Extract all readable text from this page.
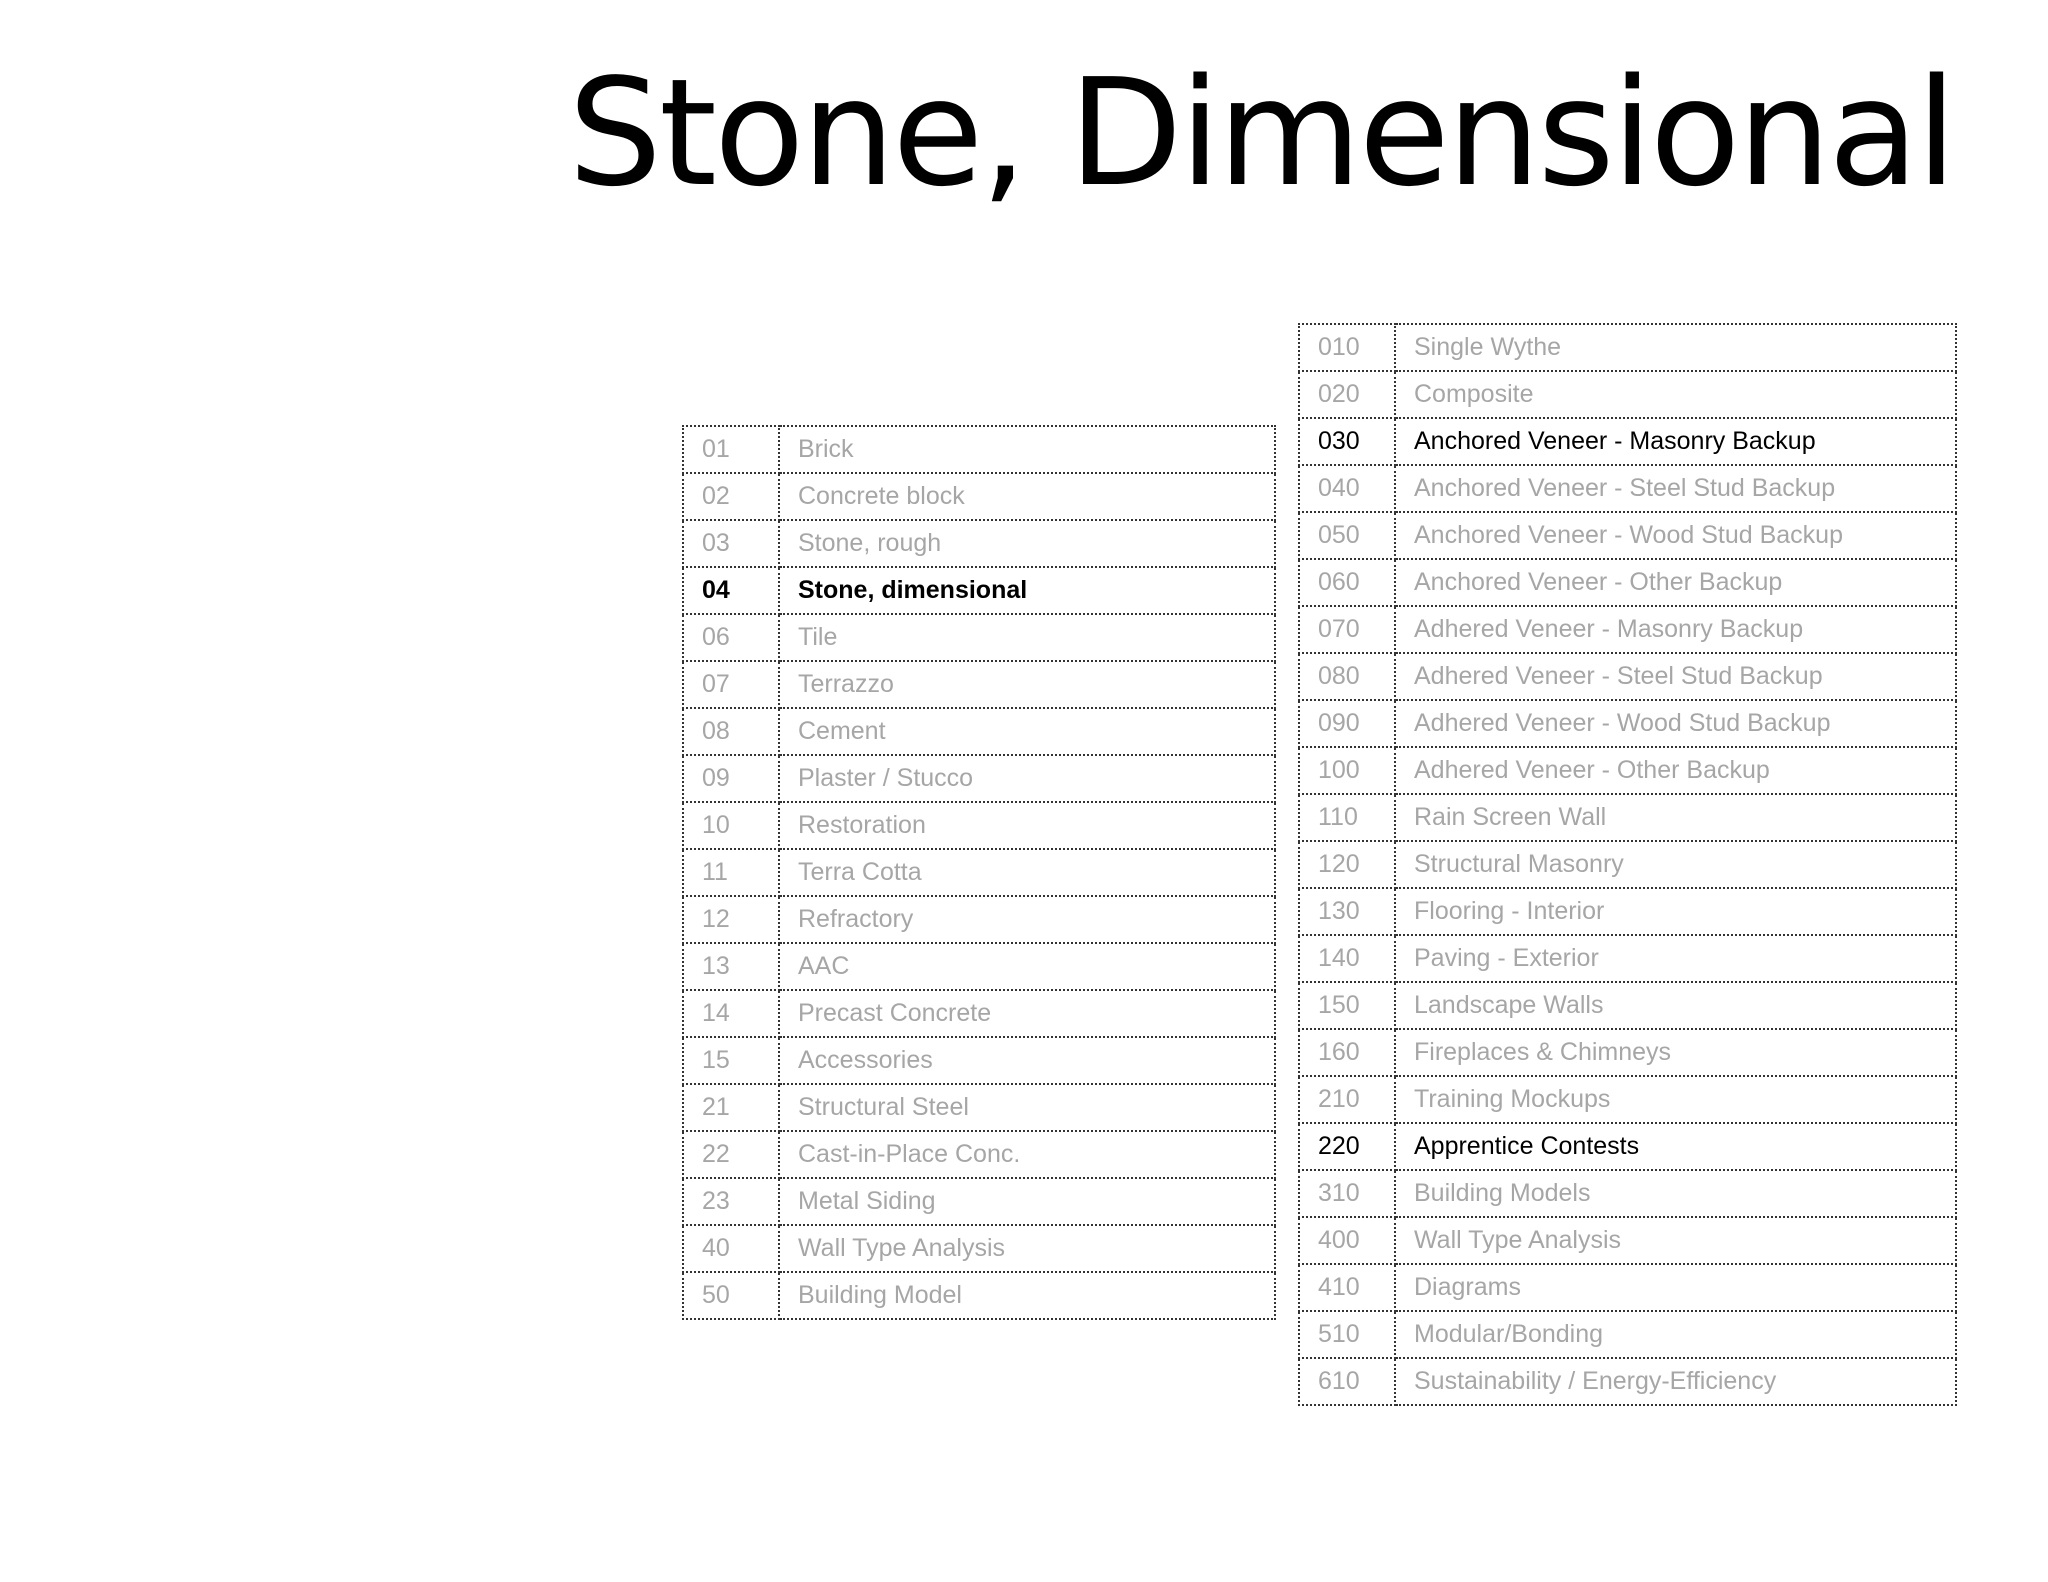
Stone, Dimensional
01	Brick
02	Concrete block
03	Stone, rough
04	Stone, dimensional
06	Tile
07	Terrazzo
08	Cement
09	Plaster / Stucco
10	Restoration
11	Terra Cotta
12	Refractory
13	AAC
14	Precast Concrete
15	Accessories
21	Structural Steel
22	Cast-in-Place Conc.
23	Metal Siding
40	Wall Type Analysis
50	Building Model
010	Single Wythe
020	Composite
030	Anchored Veneer - Masonry Backup
040	Anchored Veneer - Steel Stud Backup
050	Anchored Veneer - Wood Stud Backup
060	Anchored Veneer - Other Backup
070	Adhered Veneer - Masonry Backup
080	Adhered Veneer - Steel Stud Backup
090	Adhered Veneer - Wood Stud Backup
100	Adhered Veneer - Other Backup
110	Rain Screen Wall
120	Structural Masonry
130	Flooring - Interior
140	Paving - Exterior
150	Landscape Walls
160	Fireplaces & Chimneys
210	Training Mockups
220	Apprentice Contests
310	Building Models
400	Wall Type Analysis
410	Diagrams
510	Modular/Bonding
610	Sustainability / Energy-Efficiency
